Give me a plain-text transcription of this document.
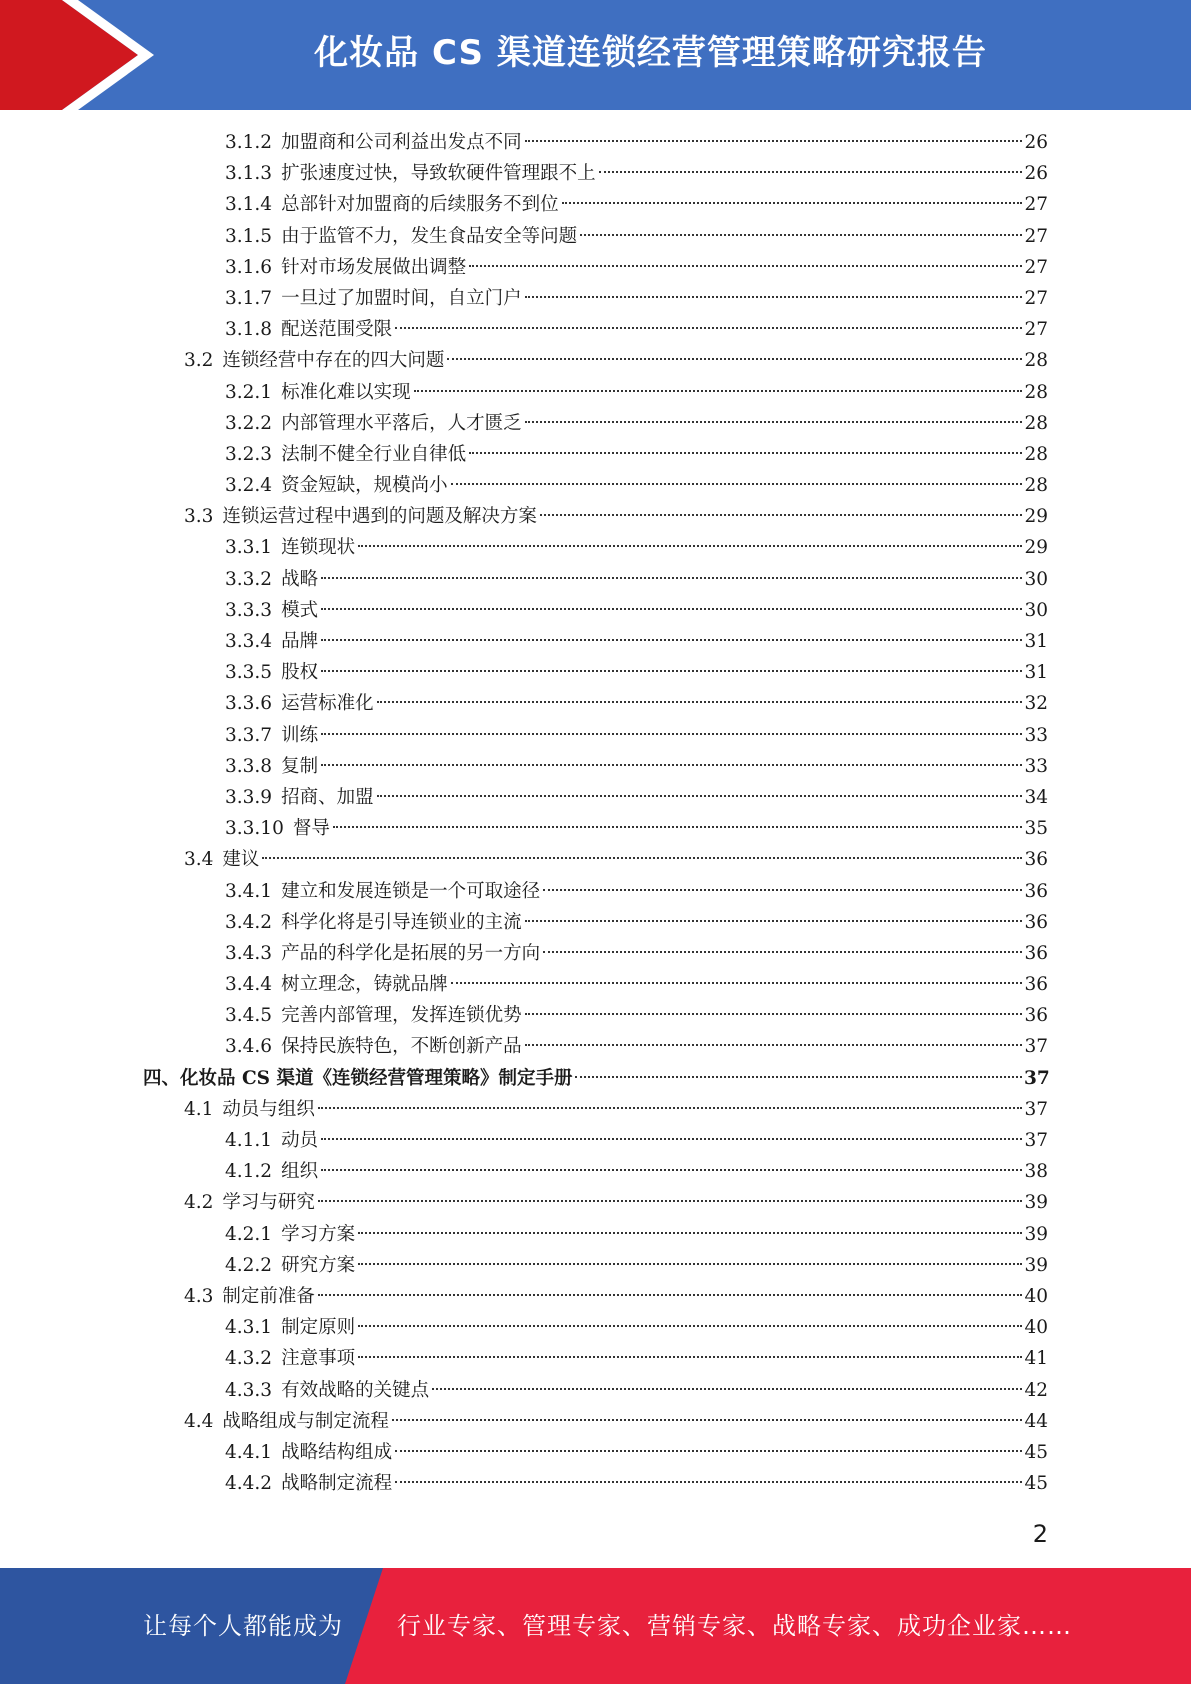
化妆品 CS 渠道连锁经营管理策略研究报告
3.1.2 加盟商和公司利益出发点不同	26
3.1.3 扩张速度过快，导致软硬件管理跟不上	26
3.1.4 总部针对加盟商的后续服务不到位	27
3.1.5 由于监管不力，发生食品安全等问题	27
3.1.6 针对市场发展做出调整	27
3.1.7 一旦过了加盟时间，自立门户	27
3.1.8 配送范围受限	27
3.2 连锁经营中存在的四大问题	28
3.2.1 标准化难以实现	28
3.2.2 内部管理水平落后，人才匮乏	28
3.2.3 法制不健全行业自律低	28
3.2.4 资金短缺，规模尚小	28
3.3 连锁运营过程中遇到的问题及解决方案	29
3.3.1 连锁现状	29
3.3.2 战略	30
3.3.3 模式	30
3.3.4 品牌	31
3.3.5 股权	31
3.3.6 运营标准化	32
3.3.7 训练	33
3.3.8 复制	33
3.3.9 招商、加盟	34
3.3.10 督导	35
3.4 建议	36
3.4.1 建立和发展连锁是一个可取途径	36
3.4.2 科学化将是引导连锁业的主流	36
3.4.3 产品的科学化是拓展的另一方向	36
3.4.4 树立理念，铸就品牌	36
3.4.5 完善内部管理，发挥连锁优势	36
3.4.6 保持民族特色，不断创新产品	37
四、 化妆品 CS 渠道《连锁经营管理策略》制定手册	37
4.1 动员与组织	37
4.1.1 动员	37
4.1.2 组织	38
4.2 学习与研究	39
4.2.1 学习方案	39
4.2.2 研究方案	39
4.3 制定前准备	40
4.3.1 制定原则	40
4.3.2 注意事项	41
4.3.3 有效战略的关键点	42
4.4 战略组成与制定流程	44
4.4.1 战略结构组成	45
4.4.2 战略制定流程	45
2
让每个人都能成为 行业专家、管理专家、营销专家、战略专家、成功企业家……
